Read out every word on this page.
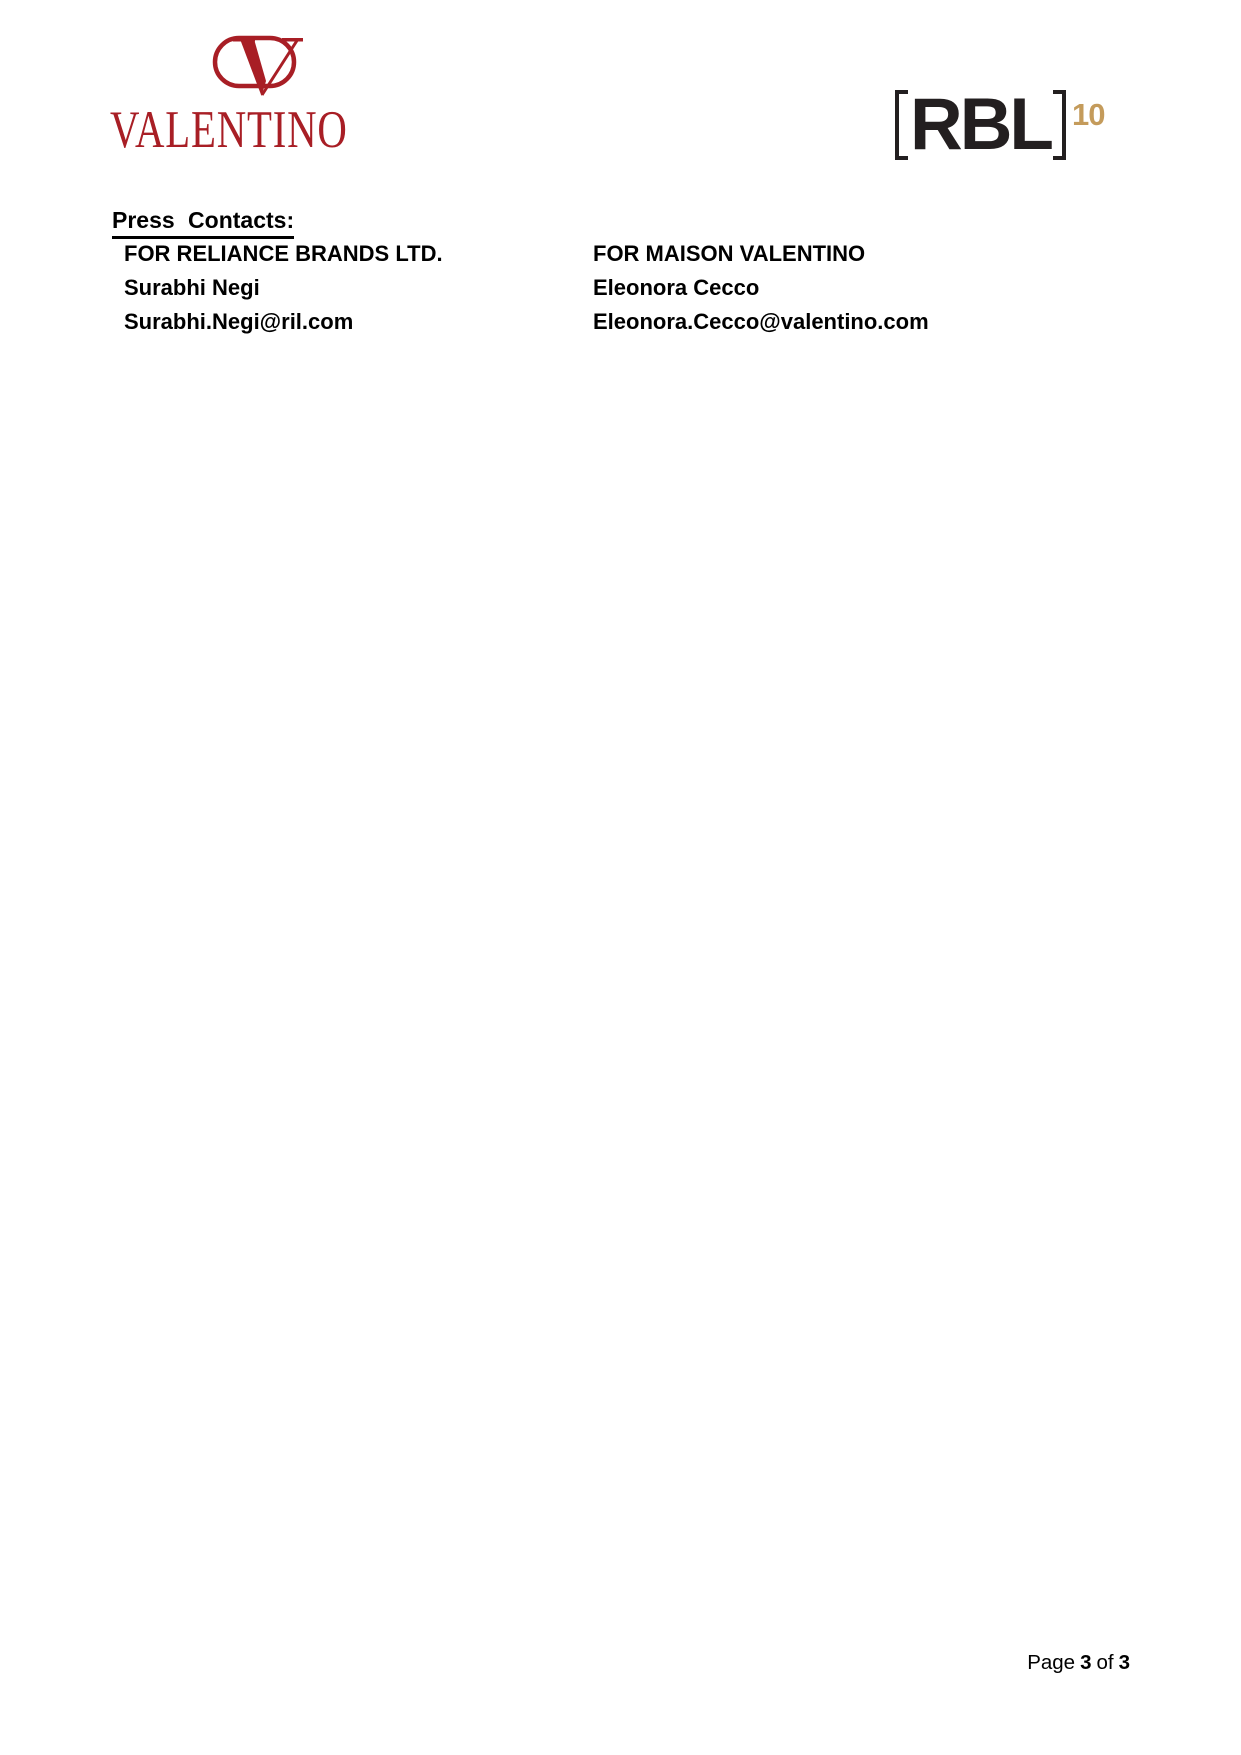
VALENTINO	RBL 10
Press Contacts:
FOR RELIANCE BRANDS LTD.
Surabhi Negi
Surabhi.Negi@ril.com
FOR MAISON VALENTINO
Eleonora Cecco
Eleonora.Cecco@valentino.com
Page 3 of 3
